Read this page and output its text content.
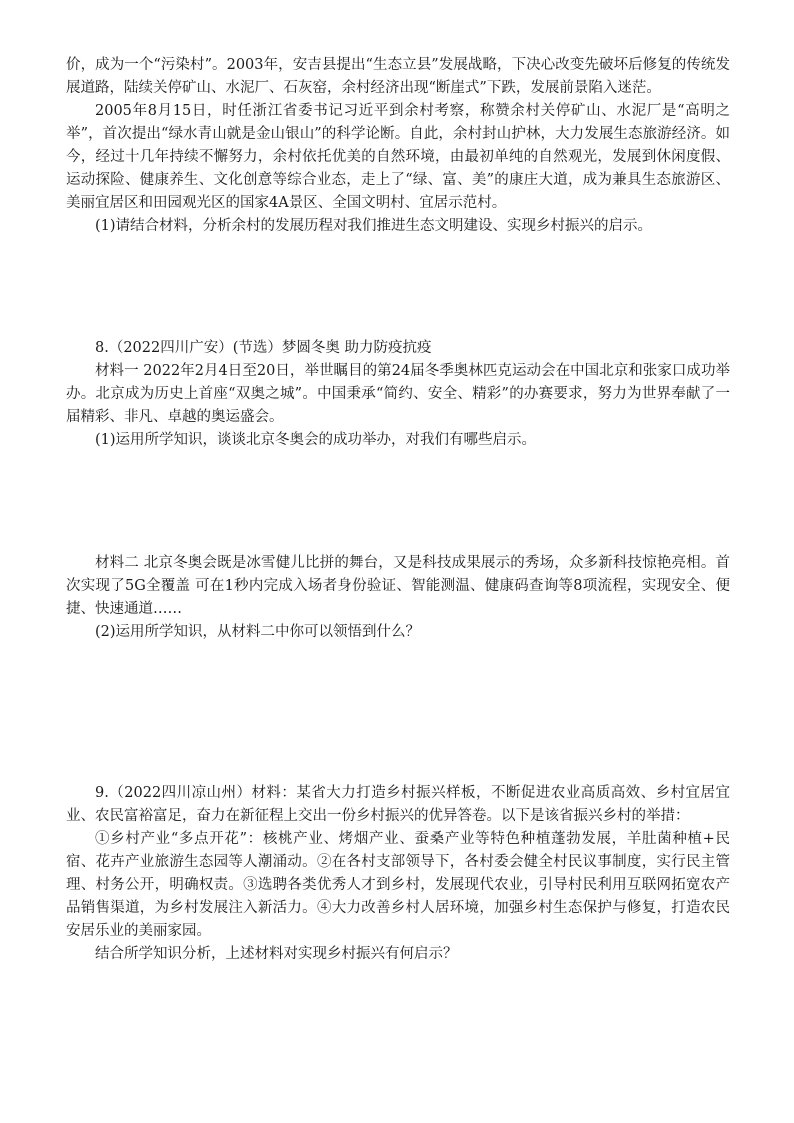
价，成为一个“污染村”。2003年，安吉县提出“生态立县”发展战略，下决心改变先破坏后修复的传统发展道路，陆续关停矿山、水泥厂、石灰窑，余村经济出现“断崖式”下跌，发展前景陷入迷茫。

2005年8月15日，时任浙江省委书记习近平到余村考察，称赞余村关停矿山、水泥厂是“高明之举”，首次提出“绿水青山就是金山银山”的科学论断。自此，余村封山护林，大力发展生态旅游经济。如今，经过十几年持续不懈努力，余村依托优美的自然环境，由最初单纯的自然观光，发展到休闲度假、运动探险、健康养生、文化创意等综合业态，走上了“绿、富、美”的康庄大道，成为兼具生态旅游区、美丽宜居区和田园观光区的国家4A景区、全国文明村、宜居示范村。

(1)请结合材料，分析余村的发展历程对我们推进生态文明建设、实现乡村振兴的启示。

8.（2022四川广安）(节选）梦圆冬奥 助力防疫抗疫

材料一 2022年2月4日至20日，举世瞩目的第24届冬季奥林匹克运动会在中国北京和张家口成功举办。北京成为历史上首座“双奥之城”。中国秉承“简约、安全、精彩”的办赛要求，努力为世界奉献了一届精彩、非凡、卓越的奥运盛会。

(1)运用所学知识，谈谈北京冬奥会的成功举办，对我们有哪些启示。

材料二 北京冬奥会既是冰雪健儿比拼的舞台，又是科技成果展示的秀场，众多新科技惊艳亮相。首次实现了5G全覆盖 可在1秒内完成入场者身份验证、智能测温、健康码查询等8项流程，实现安全、便捷、快速通道……

(2)运用所学知识，从材料二中你可以领悟到什么？

9.（2022四川凉山州）材料：某省大力打造乡村振兴样板，不断促进农业高质高效、乡村宜居宜业、农民富裕富足，奋力在新征程上交出一份乡村振兴的优异答卷。以下是该省振兴乡村的举措：

①乡村产业“多点开花”：核桃产业、烤烟产业、蚕桑产业等特色种植蓬勃发展，羊肚菌种植+民宿、花卉产业旅游生态园等人潮涌动。②在各村支部领导下，各村委会健全村民议事制度，实行民主管理、村务公开，明确权责。③选聘各类优秀人才到乡村，发展现代农业，引导村民利用互联网拓宽农产品销售渠道，为乡村发展注入新活力。④大力改善乡村人居环境，加强乡村生态保护与修复，打造农民安居乐业的美丽家园。

结合所学知识分析，上述材料对实现乡村振兴有何启示？
